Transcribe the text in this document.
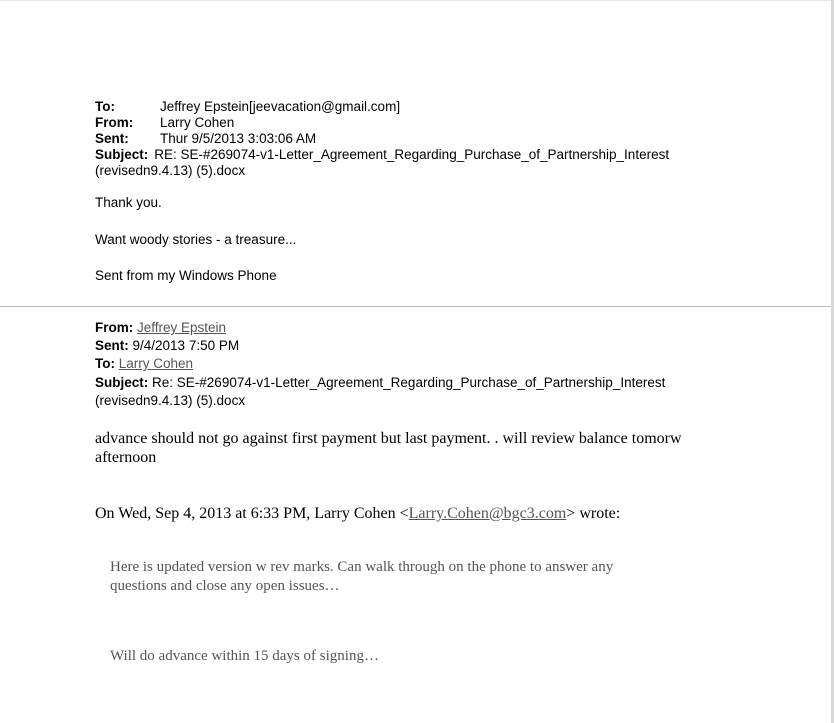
To:	Jeffrey Epstein[jeevacation@gmail.com]
From: Larry Cohen
Sent: Thur 9/5/2013 3:03:06 AM
Subject: RE: SE-#269074-v1-Letter_Agreement_Regarding_Purchase_of_Partnership_Interest
(revisedn9.4.13) (5).docx
Thank you.
Want woody stories - a treasure...
Sent from my Windows Phone
From: Jeffrey Epstein
Sent: 9/4/2013 7:50 PM
To: Larry Cohen
Subject: Re: SE-#269074-v1-Letter_Agreement_Regarding_Purchase_of_Partnership_Interest
(revisedn9.4.13) (5).docx
advance should not go against first payment but last payment. . will review balance tomorw
afternoon
On Wed, Sep 4, 2013 at 6:33 PM, Larry Cohen <Larry.Cohen@bgc3.com> wrote:
Here is updated version w rev marks. Can walk through on the phone to answer any
questions and close any open issues…
Will do advance within 15 days of signing…
